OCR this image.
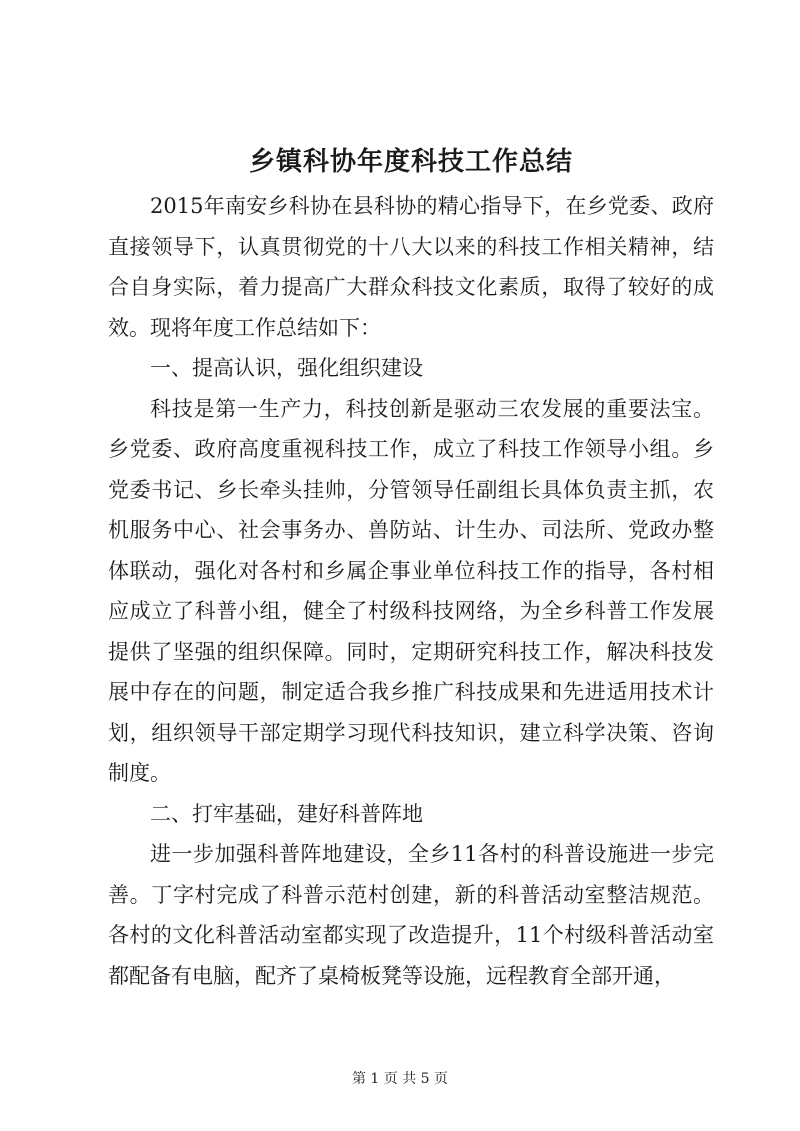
乡镇科协年度科技工作总结

2015年南安乡科协在县科协的精心指导下，在乡党委、政府直接领导下，认真贯彻党的十八大以来的科技工作相关精神，结合自身实际，着力提高广大群众科技文化素质，取得了较好的成效。现将年度工作总结如下：

一、提高认识，强化组织建设

科技是第一生产力，科技创新是驱动三农发展的重要法宝。乡党委、政府高度重视科技工作，成立了科技工作领导小组。乡党委书记、乡长牵头挂帅，分管领导任副组长具体负责主抓，农机服务中心、社会事务办、兽防站、计生办、司法所、党政办整体联动，强化对各村和乡属企事业单位科技工作的指导，各村相应成立了科普小组，健全了村级科技网络，为全乡科普工作发展提供了坚强的组织保障。同时，定期研究科技工作，解决科技发展中存在的问题，制定适合我乡推广科技成果和先进适用技术计划，组织领导干部定期学习现代科技知识，建立科学决策、咨询制度。

二、打牢基础，建好科普阵地

进一步加强科普阵地建设，全乡11各村的科普设施进一步完善。丁字村完成了科普示范村创建，新的科普活动室整洁规范。各村的文化科普活动室都实现了改造提升，11个村级科普活动室都配备有电脑，配齐了桌椅板凳等设施，远程教育全部开通，

第 1 页 共 5 页
